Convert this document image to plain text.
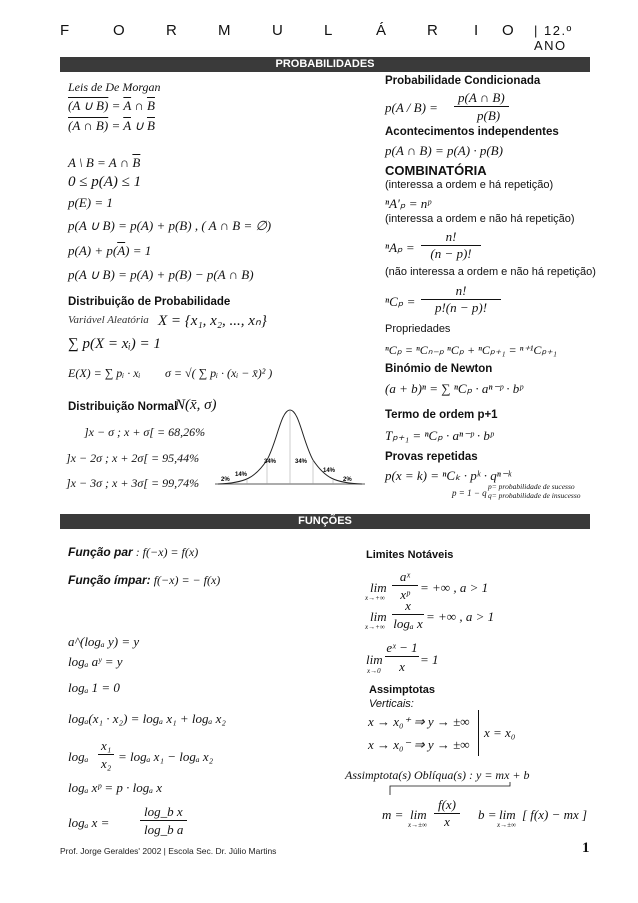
F	O	R	M	U	L	Á	R I O | 12.º ANO
PROBABILIDADES
Leis de De Morgan
(A ∪ $B) = \overline{A}$ ∩ $\overline{B}$
(A ∩ $B) = \overline{A}$ ∪ $\overline{B}$
A \ B = A ∩ $\overline{B}$
0 ≤ p(A) ≤ 1
p(E) = 1
p(A ∪ B) = p(A) + p(B) , ( A ∩ B = ∅)
$p(A) + p(\overline{A}) = 1$
p(A ∪ B) = p(A) + p(B) − p(A ∩ B)
Distribuição de Probabilidade
Variável Aleatória X = {x₁, x₂, ..., xₙ}
∑ p(X = xᵢ) = 1
E(X) = ∑ pᵢ · xᵢ σ = √( ∑ pᵢ · (xᵢ − x̄)² )
Distribuição Normal
N(x̄, σ)
]x − σ ; x + σ[ = 68,26%
]x − 2σ ; x + 2σ[ = 95,44%
]x − 3σ ; x + 3σ[ = 99,74%	2%
14%
34%	34%
14%
2%
Probabilidade Condicionada
p(A / B) =
p(A ∩ B)
p(B)
Acontecimentos independentes
p(A ∩ B) = p(A) · p(B)
COMBINATÓRIA
(interessa a ordem e há repetição)
ⁿA′ₚ = nᵖ
(interessa a ordem e não há repetição)
ⁿAₚ =
n!
(n − p)!
(não interessa a ordem e não há repetição)
ⁿCₚ =
n!
p!(n − p)!
Propriedades
ⁿCₚ = ⁿCₙ₋ₚ ⁿCₚ + ⁿCₚ₊₁ = ⁿ⁺¹Cₚ₊₁
Binómio de Newton
(a + b)ⁿ = ∑ ⁿCₚ · aⁿ⁻ᵖ · bᵖ
Termo de ordem p+1
Tₚ₊₁ = ⁿCₚ · aⁿ⁻ᵖ · bᵖ
Provas repetidas
p(x = k) = ⁿCₖ · pᵏ · qⁿ⁻ᵏ
p = 1 − q
p= probabilidade de sucesso
q= probabilidade de insucesso
FUNÇÕES
Função par : f(−x) = f(x)
Função ímpar: f(−x) = − f(x)
a^(logₐ y) = y
logₐ aʸ = y
logₐ 1 = 0
logₐ(x₁ · x₂) = logₐ x₁ + logₐ x₂
logₐ
x₁
x₂ = logₐ x₁ − logₐ x₂
logₐ xᵖ = p · logₐ x
logₐ x =
log_b x
log_b a
Limites Notáveis
lim
x→+∞
aˣ
xᵖ = +∞ , a > 1
lim
x→+∞
x
logₐ x = +∞ , a > 1
lim
x→0
eˣ − 1
x	= 1
Assimptotas
Verticais:
x → x₀⁺ ⇒ y → ±∞
x → x₀⁻ ⇒ y → ±∞
x = x₀
Assimptota(s) Oblíqua(s) : y = mx + b
m = lim
x→±∞
f(x)
x	b = lim
x→±∞
[ f(x) − mx ]
Prof. Jorge Geraldes' 2002 | Escola Sec. Dr. Júlio Martins	1
